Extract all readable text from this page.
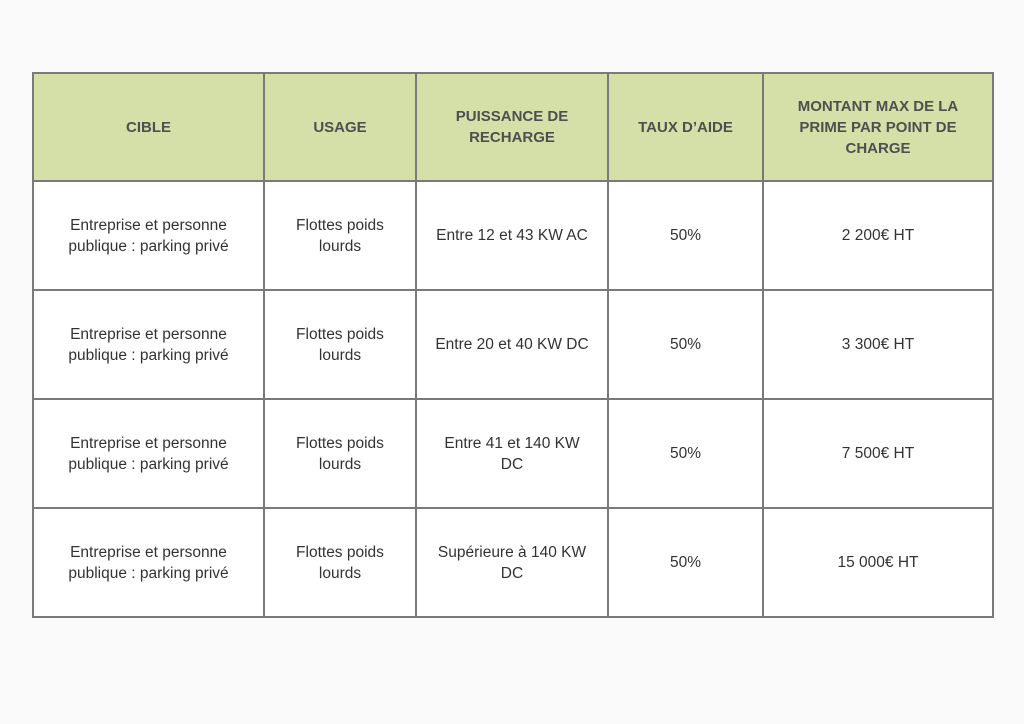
CIBLE	USAGE	PUISSANCE DE RECHARGE	TAUX D’AIDE	MONTANT MAX DE LA PRIME PAR POINT DE CHARGE
Entreprise et personne publique : parking privé	Flottes poids lourds	Entre 12 et 43 KW AC	50%	2 200€ HT
Entreprise et personne publique : parking privé	Flottes poids lourds	Entre 20 et 40 KW DC	50%	3 300€ HT
Entreprise et personne publique : parking privé	Flottes poids lourds	Entre 41 et 140 KW DC	50%	7 500€ HT
Entreprise et personne publique : parking privé	Flottes poids lourds	Supérieure à 140 KW DC	50%	15 000€ HT
